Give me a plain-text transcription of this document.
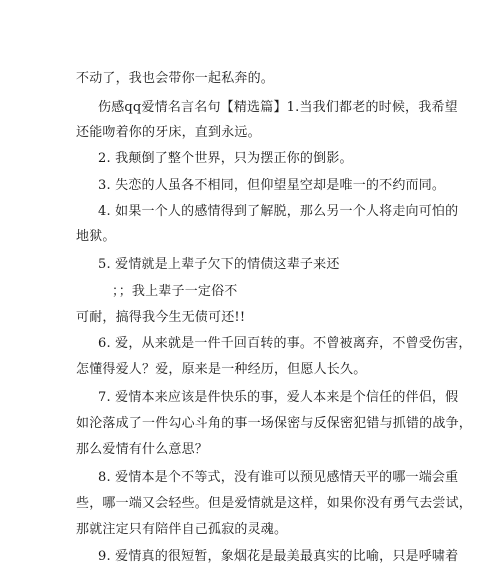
不动了，我也会带你一起私奔的。
伤感qq爱情名言名句【精选篇】1.当我们都老的时候，我希望
还能吻着你的牙床，直到永远。
2. 我颠倒了整个世界，只为摆正你的倒影。
3. 失恋的人虽各不相同，但仰望星空却是唯一的不约而同。
4. 如果一个人的感情得到了解脱，那么另一个人将走向可怕的
地狱。
5. 爱情就是上辈子欠下的情债这辈子来还
；；我上辈子一定俗不
可耐，搞得我今生无债可还!!
6. 爱，从来就是一件千回百转的事。不曾被离弃，不曾受伤害，
怎懂得爱人？爱，原来是一种经历，但愿人长久。
7. 爱情本来应该是件快乐的事，爱人本来是个信任的伴侣，假
如沦落成了一件勾心斗角的事一场保密与反保密犯错与抓错的战争，
那么爱情有什么意思？
8. 爱情本是个不等式，没有谁可以预见感情天平的哪一端会重
些，哪一端又会轻些。但是爱情就是这样，如果你没有勇气去尝试，
那就注定只有陪伴自己孤寂的灵魂。
9. 爱情真的很短暂，象烟花是最美最真实的比喻，只是呼啸着
